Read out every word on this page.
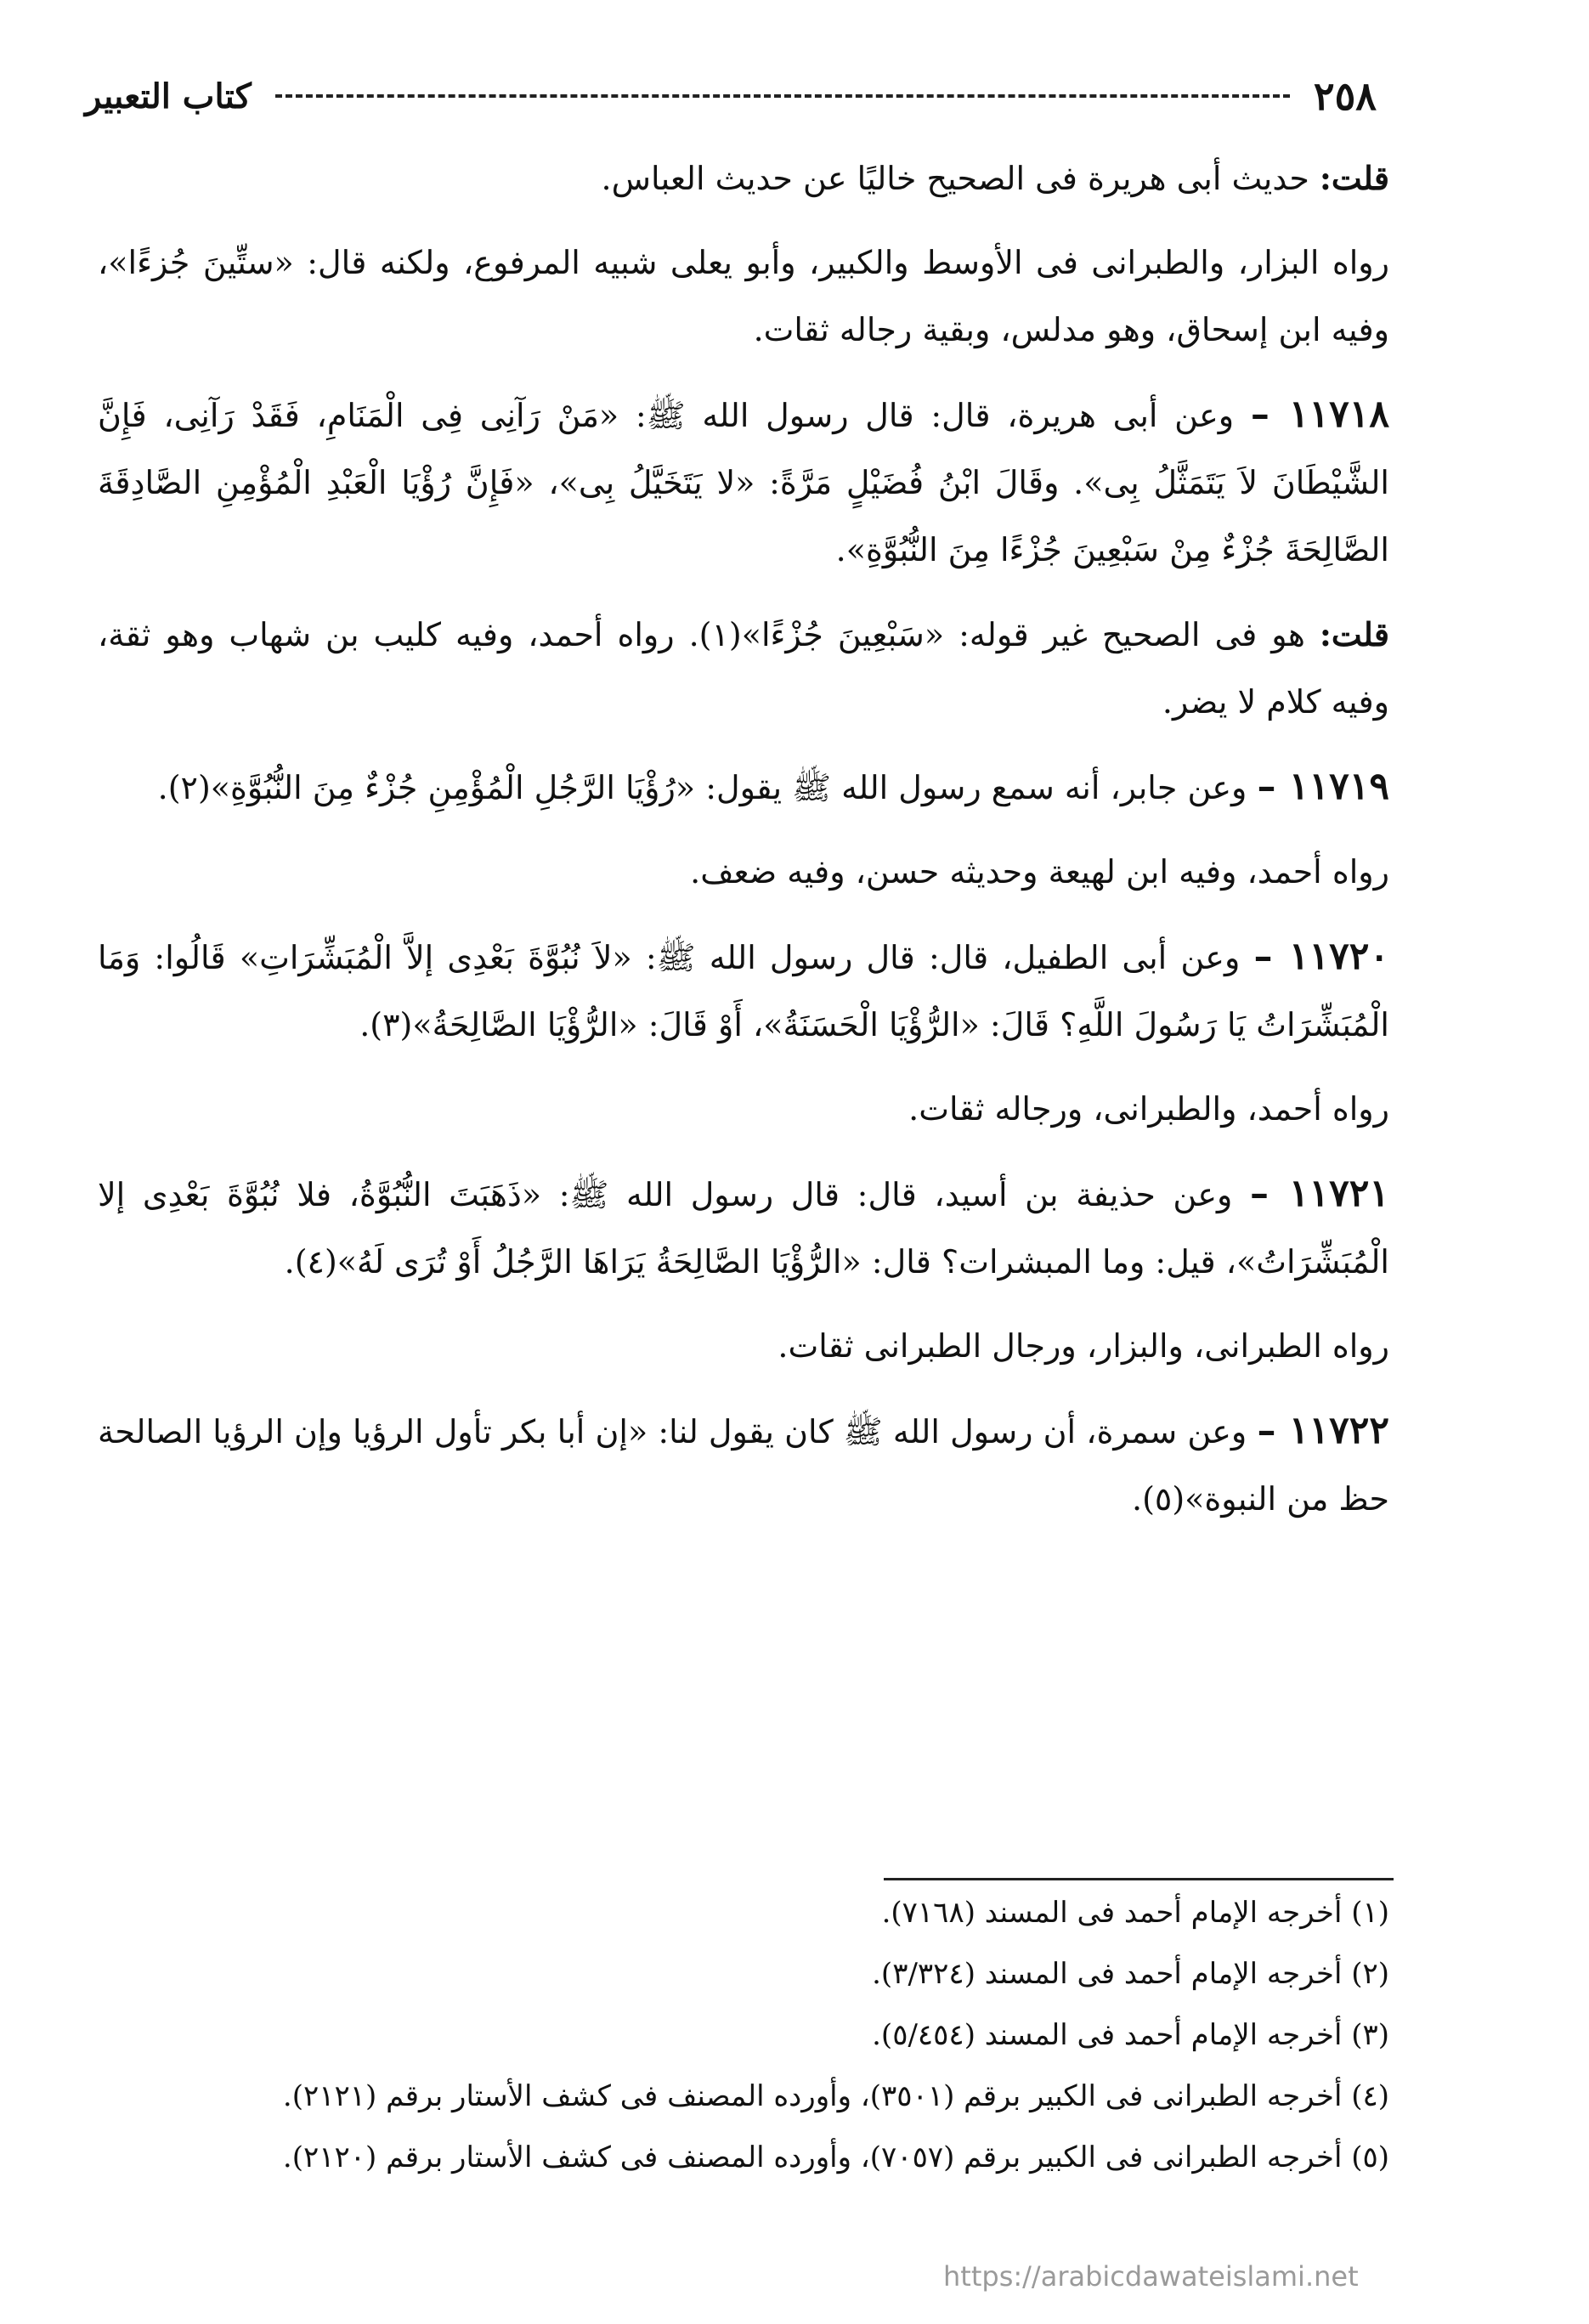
٢٥٨
كتاب التعبير

قلت: حديث أبى هريرة فى الصحيح خاليًا عن حديث العباس.

رواه البزار، والطبرانى فى الأوسط والكبير، وأبو يعلى شبيه المرفوع، ولكنه قال: «ستِّينَ جُزءًا»، وفيه ابن إسحاق، وهو مدلس، وبقية رجاله ثقات.

١١٧١٨ – وعن أبى هريرة، قال: قال رسول الله ﷺ: «مَنْ رَآنِى فِى الْمَنَامِ، فَقَدْ رَآنِى، فَإِنَّ الشَّيْطَانَ لاَ يَتَمَثَّلُ بِى». وقَالَ ابْنُ فُضَيْلٍ مَرَّةً: «لا يَتَخَيَّلُ بِى»، «فَإِنَّ رُؤْيَا الْعَبْدِ الْمُؤْمِنِ الصَّادِقَةَ الصَّالِحَةَ جُزْءٌ مِنْ سَبْعِينَ جُزْءًا مِنَ النُّبُوَّةِ».

قلت: هو فى الصحيح غير قوله: «سَبْعِينَ جُزْءًا»(١). رواه أحمد، وفيه كليب بن شهاب وهو ثقة، وفيه كلام لا يضر.

١١٧١٩ – وعن جابر، أنه سمع رسول الله ﷺ يقول: «رُؤْيَا الرَّجُلِ الْمُؤْمِنِ جُزْءٌ مِنَ النُّبُوَّةِ»(٢).

رواه أحمد، وفيه ابن لهيعة وحديثه حسن، وفيه ضعف.

١١٧٢٠ – وعن أبى الطفيل، قال: قال رسول الله ﷺ: «لاَ نُبُوَّةَ بَعْدِى إلاَّ الْمُبَشِّرَاتِ» قَالُوا: وَمَا الْمُبَشِّرَاتُ يَا رَسُولَ اللَّهِ؟ قَالَ: «الرُّؤْيَا الْحَسَنَةُ»، أَوْ قَالَ: «الرُّؤْيَا الصَّالِحَةُ»(٣).

رواه أحمد، والطبرانى، ورجاله ثقات.

١١٧٢١ – وعن حذيفة بن أسيد، قال: قال رسول الله ﷺ: «ذَهَبَتَ النُّبُوَّةُ، فلا نُبُوَّةَ بَعْدِى إلا الْمُبَشِّرَاتُ»، قيل: وما المبشرات؟ قال: «الرُّؤْيَا الصَّالِحَةُ يَرَاهَا الرَّجُلُ أَوْ تُرَى لَهُ»(٤).

رواه الطبرانى، والبزار، ورجال الطبرانى ثقات.

١١٧٢٢ – وعن سمرة، أن رسول الله ﷺ كان يقول لنا: «إن أبا بكر تأول الرؤيا وإن الرؤيا الصالحة حظ من النبوة»(٥).

(١) أخرجه الإمام أحمد فى المسند (٧١٦٨).
(٢) أخرجه الإمام أحمد فى المسند (٣/٣٢٤).
(٣) أخرجه الإمام أحمد فى المسند (٥/٤٥٤).
(٤) أخرجه الطبرانى فى الكبير برقم (٣٥٠١)، وأورده المصنف فى كشف الأستار برقم (٢١٢١).
(٥) أخرجه الطبرانى فى الكبير برقم (٧٠٥٧)، وأورده المصنف فى كشف الأستار برقم (٢١٢٠).
https://arabicdawateislami.net
